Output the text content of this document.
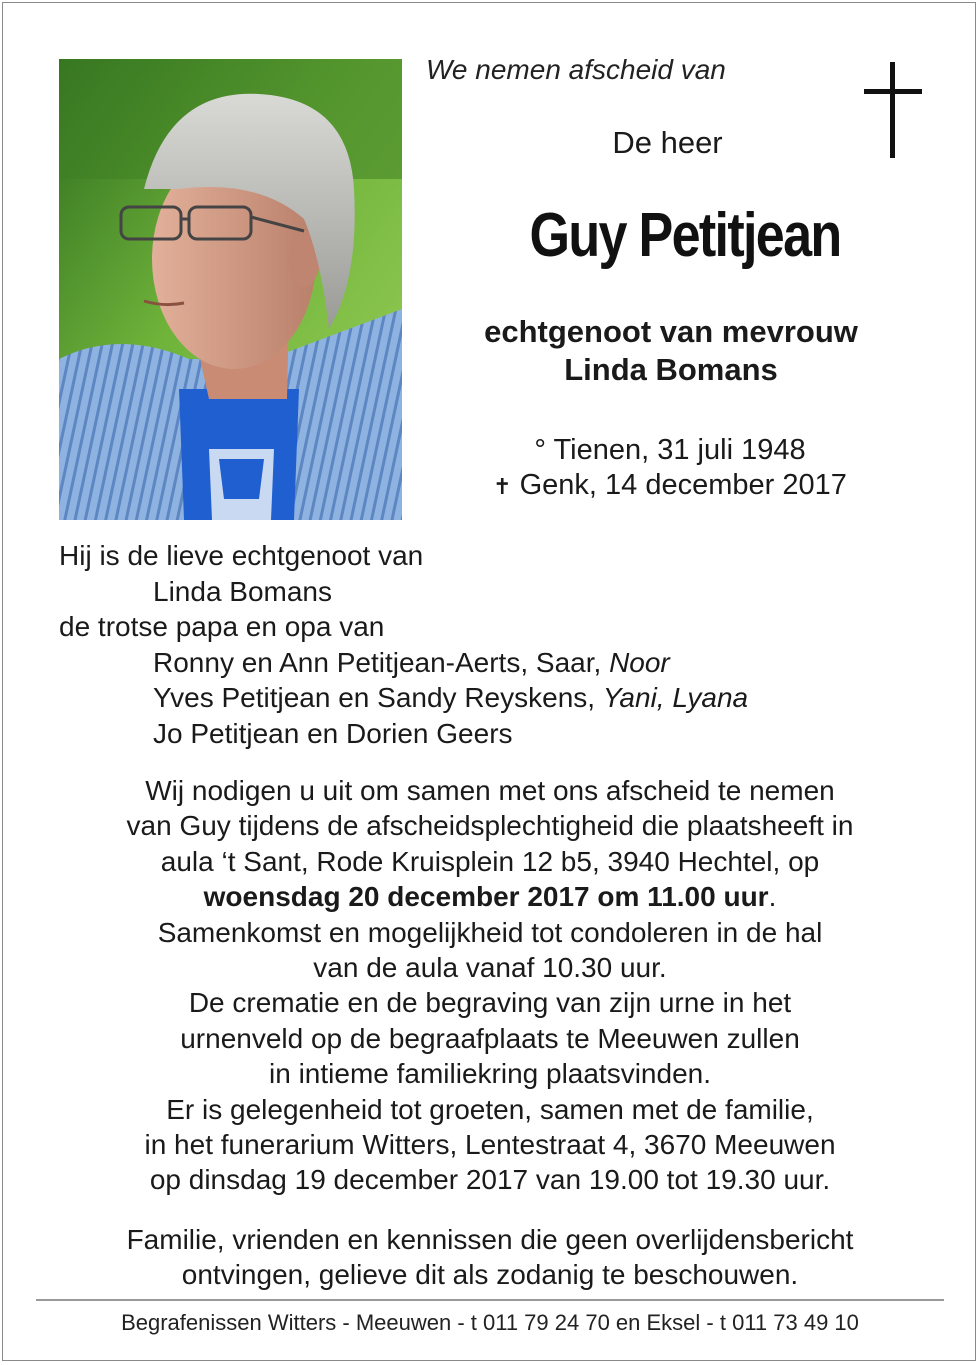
We nemen afscheid van
De heer
Guy Petitjean
echtgenoot van mevrouw
Linda Bomans
° Tienen, 31 juli 1948
✝ Genk, 14 december 2017
Hij is de lieve echtgenoot van
Linda Bomans
de trotse papa en opa van
Ronny en Ann Petitjean-Aerts, Saar, Noor
Yves Petitjean en Sandy Reyskens, Yani, Lyana
Jo Petitjean en Dorien Geers
Wij nodigen u uit om samen met ons afscheid te nemen
van Guy tijdens de afscheidsplechtigheid die plaatsheeft in
aula ‘t Sant, Rode Kruisplein 12 b5, 3940 Hechtel, op
woensdag 20 december 2017 om 11.00 uur.
Samenkomst en mogelijkheid tot condoleren in de hal
van de aula vanaf 10.30 uur.
De crematie en de begraving van zijn urne in het
urnenveld op de begraafplaats te Meeuwen zullen
in intieme familiekring plaatsvinden.
Er is gelegenheid tot groeten, samen met de familie,
in het funerarium Witters, Lentestraat 4, 3670 Meeuwen
op dinsdag 19 december 2017 van 19.00 tot 19.30 uur.
Familie, vrienden en kennissen die geen overlijdensbericht
ontvingen, gelieve dit als zodanig te beschouwen.
Begrafenissen Witters - Meeuwen - t 011 79 24 70 en Eksel - t 011 73 49 10
